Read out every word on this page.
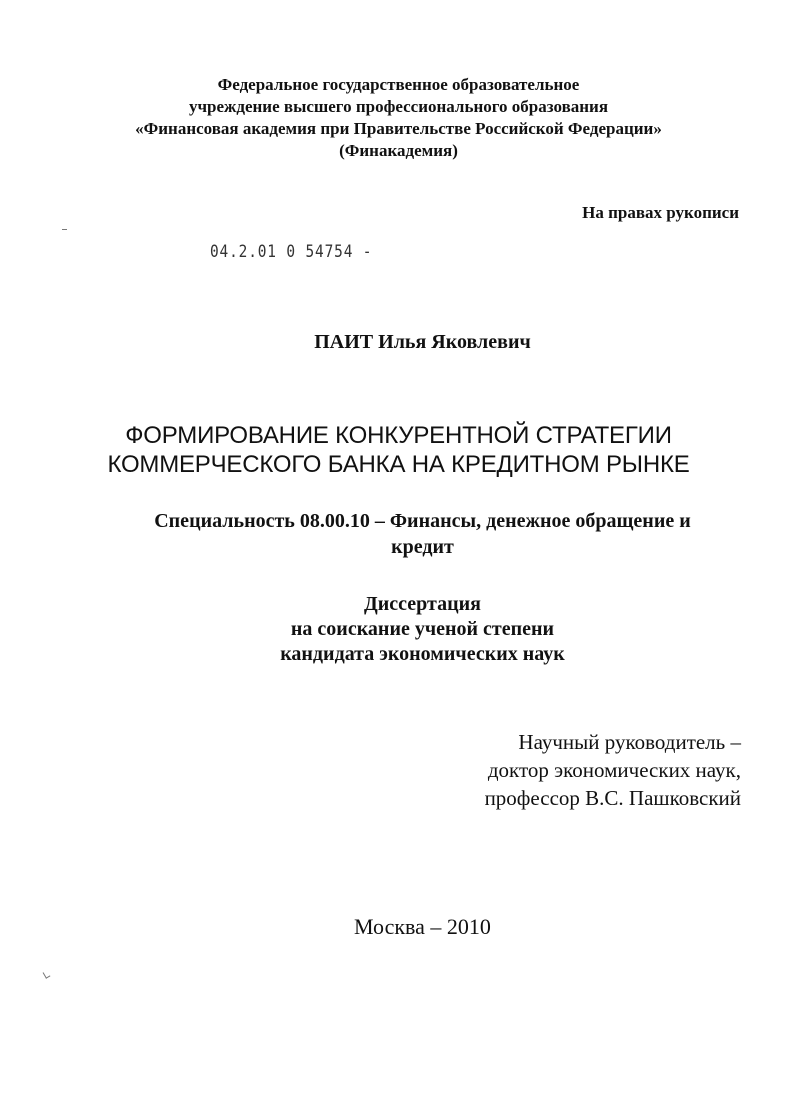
Федеральное государственное образовательное
учреждение высшего профессионального образования
«Финансовая академия при Правительстве Российской Федерации»
(Финакадемия)
На правах рукописи
04.2.01 0 54754 -
ПАИТ Илья Яковлевич
ФОРМИРОВАНИЕ КОНКУРЕНТНОЙ СТРАТЕГИИ
КОММЕРЧЕСКОГО БАНКА НА КРЕДИТНОМ РЫНКЕ
Специальность 08.00.10 – Финансы, денежное обращение и
кредит
Диссертация
на соискание ученой степени
кандидата экономических наук
Научный руководитель –
доктор экономических наук,
профессор В.С. Пашковский
Москва – 2010
